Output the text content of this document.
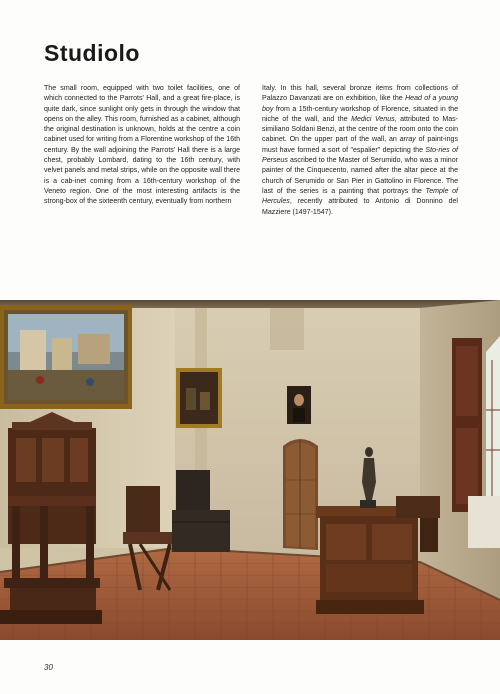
Studiolo

The small room, equipped with two toilet facilities, one of which connected to the Parrots' Hall, and a great fire-place, is quite dark, since sunlight only gets in through the window that opens on the alley. This room, furnished as a cabinet, although the original destination is unknown, holds at the centre a coin cabinet used for writing from a Florentine workshop of the 16th century. By the wall adjoining the Parrots' Hall there is a large chest, probably Lombard, dating to the 16th century, with velvet panels and metal strips, while on the opposite wall there is a cab-inet coming from a 16th-century workshop of the Veneto region. One of the most interesting artifacts is the strong-box of the sixteenth century, eventually from northern

Italy. In this hall, several bronze items from collections of Palazzo Davanzati are on exhibition, like the Head of a young boy from a 15th-century workshop of Florence, situated in the niche of the wall, and the Medici Venus, attributed to Mas-similiano Soldani Benzi, at the centre of the room onto the coin cabinet. On the upper part of the wall, an array of paint-ings must have formed a sort of "espalier" depicting the Sto-ries of Perseus ascribed to the Master of Serumido, who was a minor painter of the Cinquecento, named after the altar piece at the church of Serumido or San Pier in Gattolino in Florence. The last of the series is a painting that portrays the Temple of Hercules, recently attributed to Antonio di Donnino del Mazziere (1497-1547).

30
